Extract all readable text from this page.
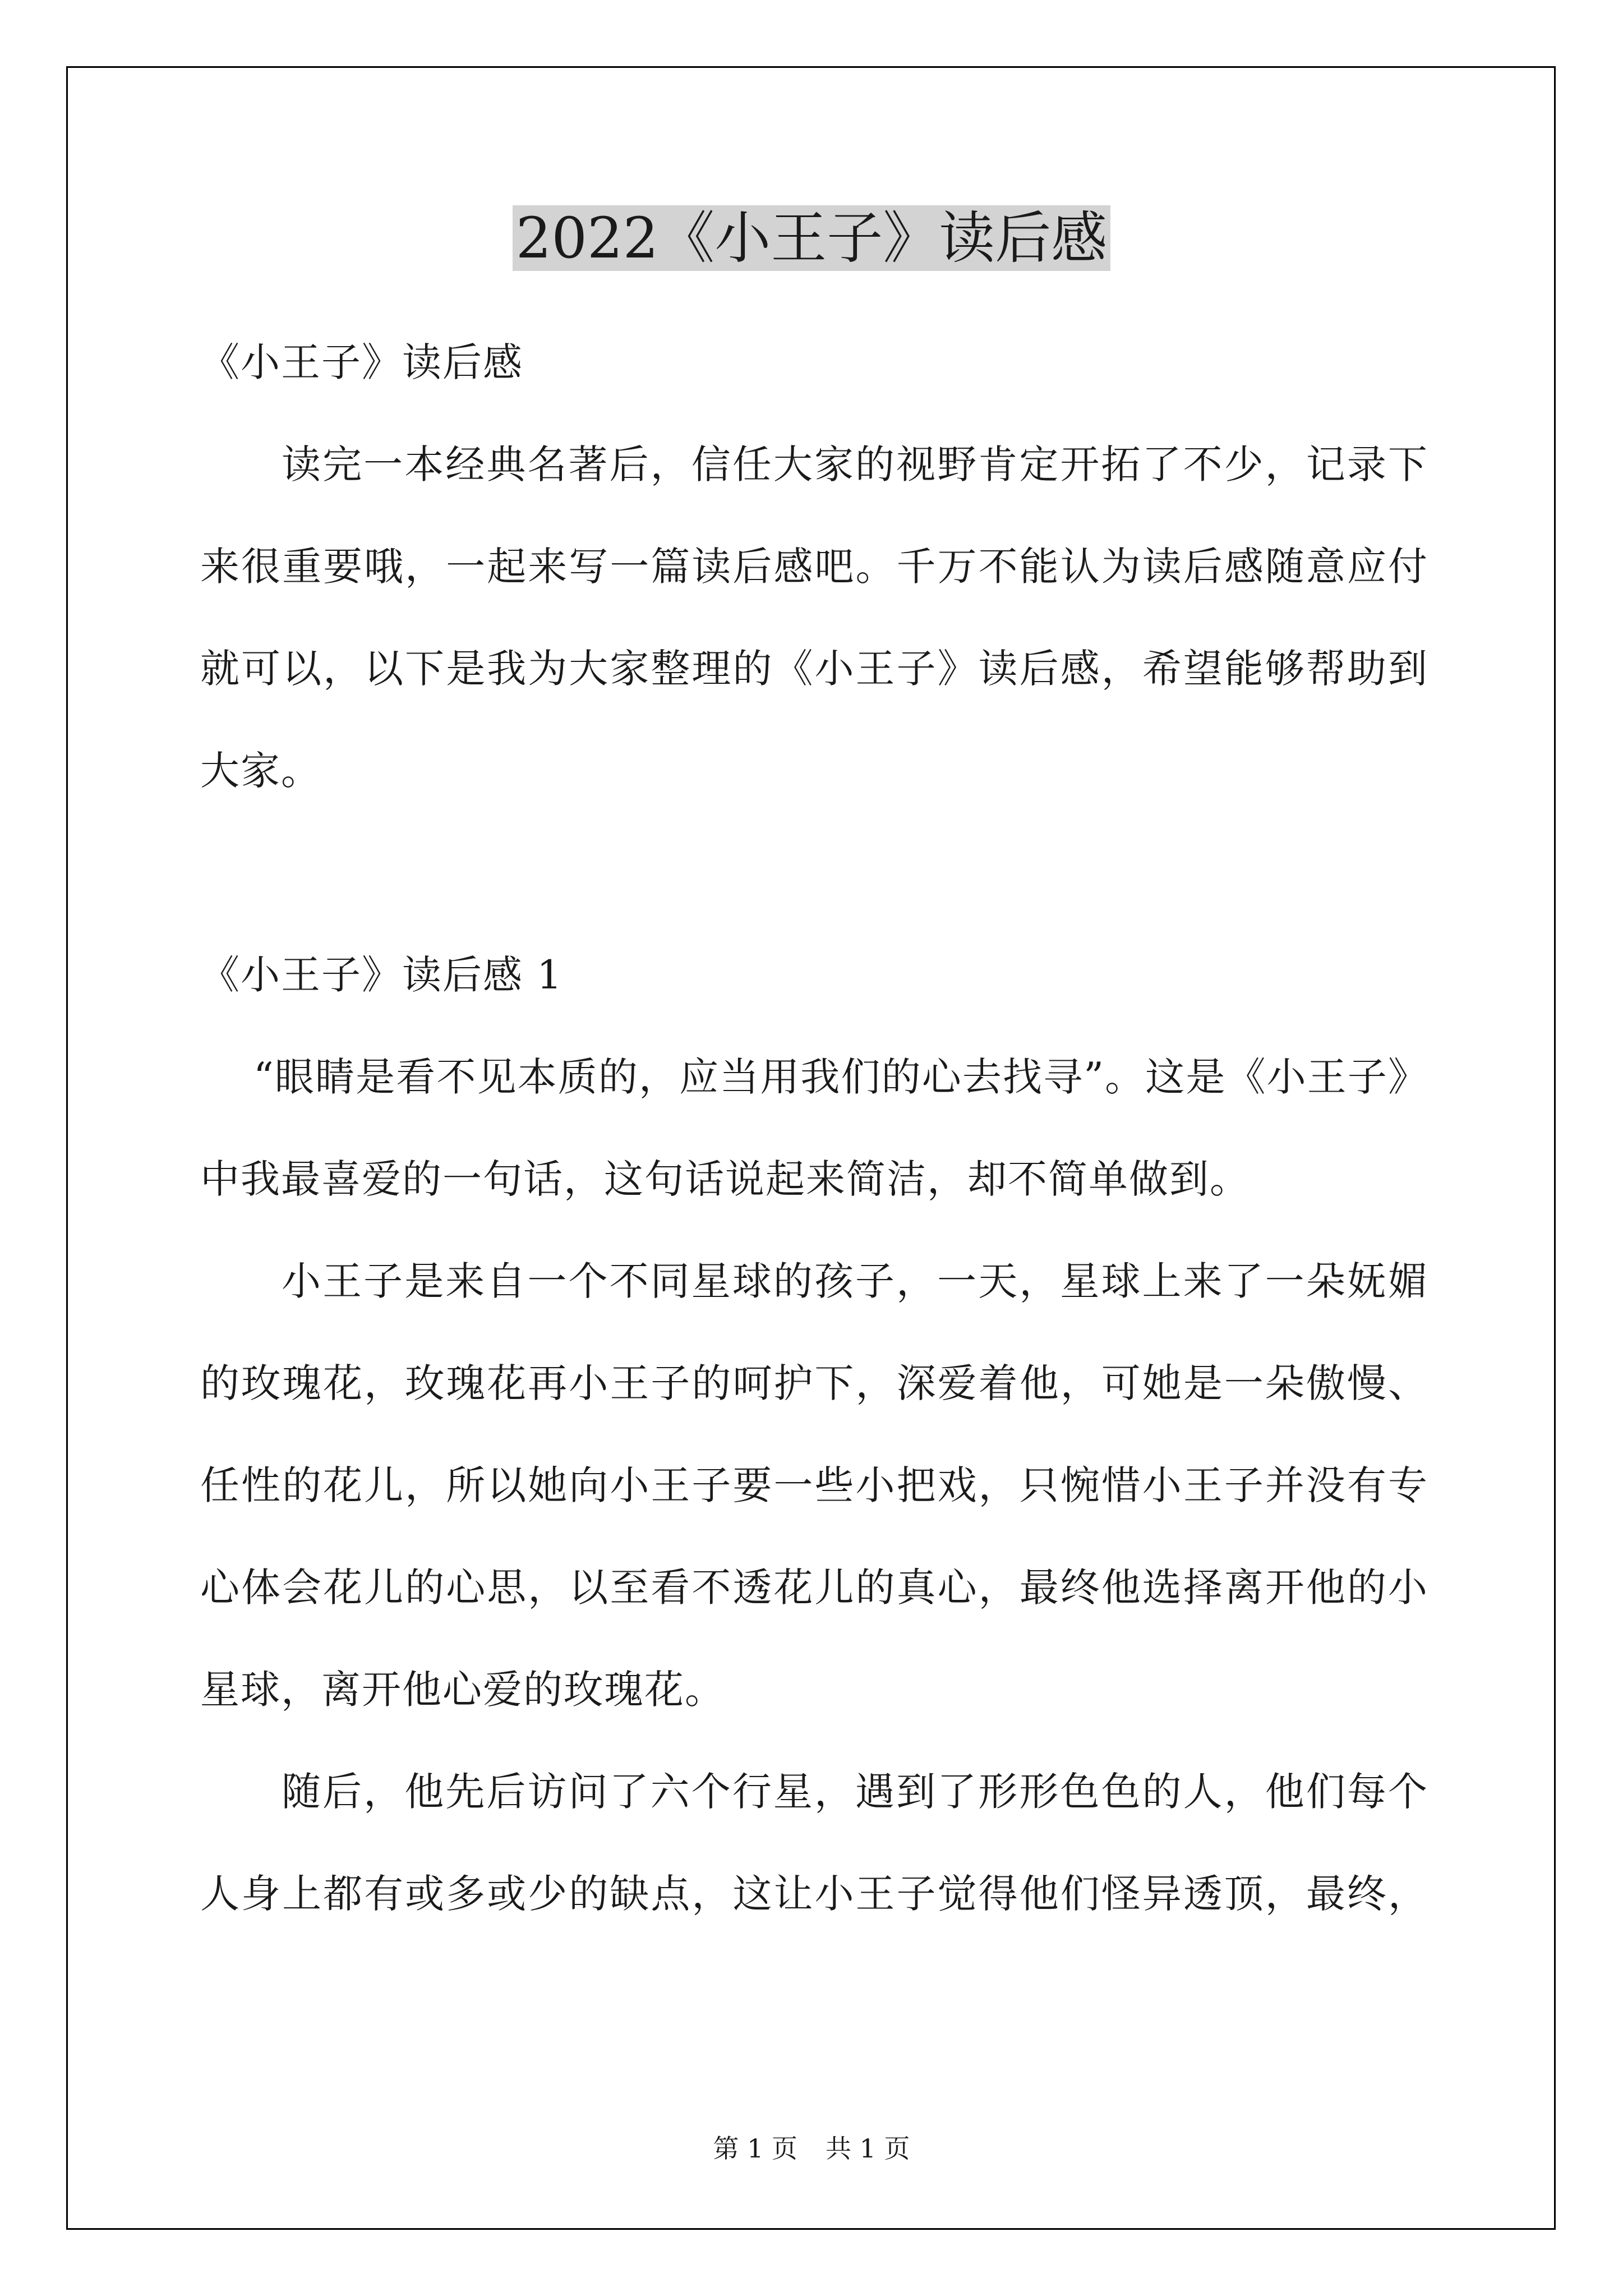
2022《小王子》读后感
《小王子》读后感
读完一本经典名著后，信任大家的视野肯定开拓了不少，记录下
来很重要哦，一起来写一篇读后感吧。千万不能认为读后感随意应付
就可以，以下是我为大家整理的《小王子》读后感，希望能够帮助到
大家。
《小王子》读后感 1
“眼睛是看不见本质的，应当用我们的心去找寻”。这是《小王子》
中我最喜爱的一句话，这句话说起来简洁，却不简单做到。
小王子是来自一个不同星球的孩子，一天，星球上来了一朵妩媚
的玫瑰花，玫瑰花再小王子的呵护下，深爱着他，可她是一朵傲慢、
任性的花儿，所以她向小王子要一些小把戏，只惋惜小王子并没有专
心体会花儿的心思，以至看不透花儿的真心，最终他选择离开他的小
星球，离开他心爱的玫瑰花。
随后，他先后访问了六个行星，遇到了形形色色的人，他们每个
人身上都有或多或少的缺点，这让小王子觉得他们怪异透顶，最终，
第 1 页 共 1 页
